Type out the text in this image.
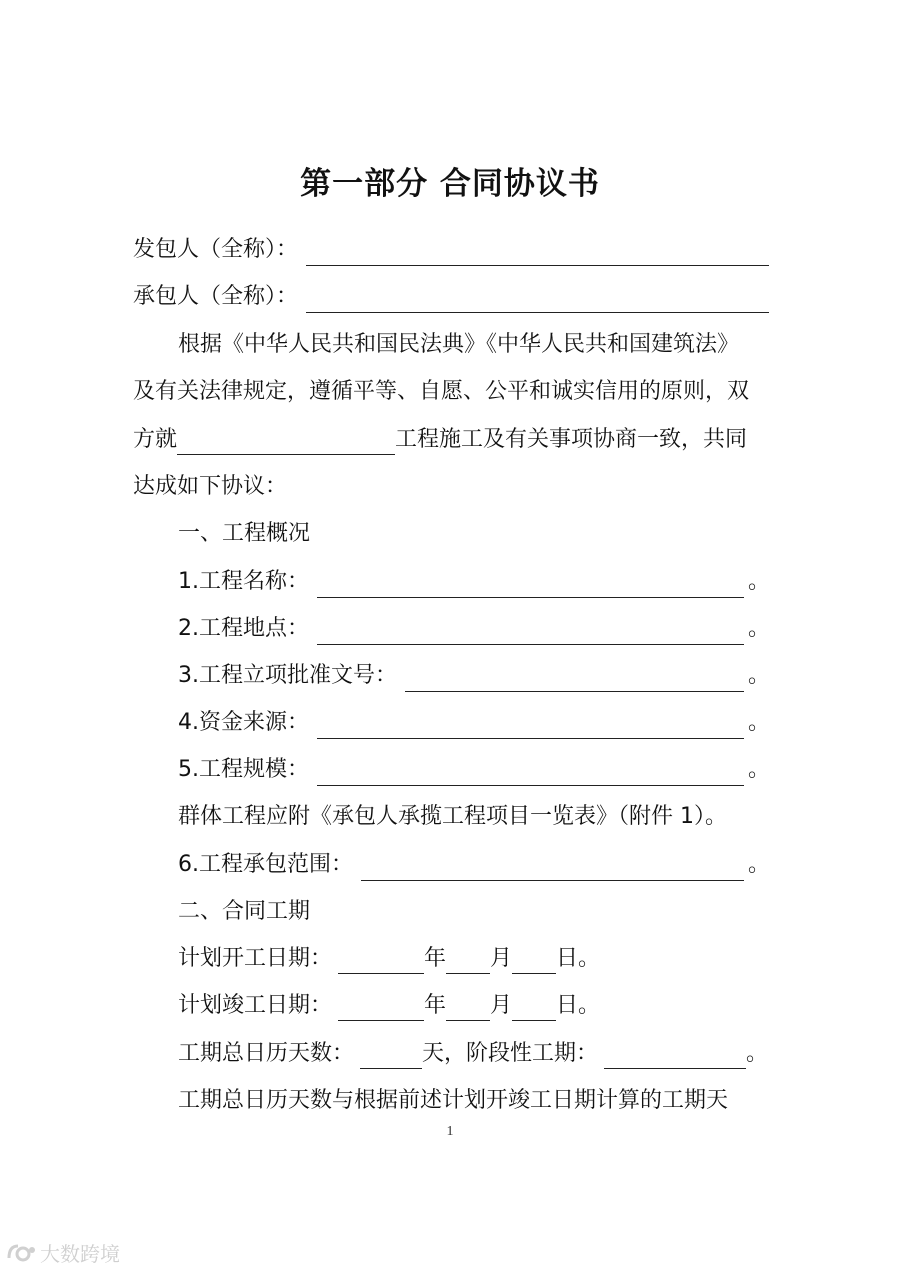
第一部分 合同协议书
发包人（全称）：
承包人（全称）：
根据《中华人民共和国民法典》《中华人民共和国建筑法》
及有关法律规定，遵循平等、自愿、公平和诚实信用的原则，双
方就	工程施工及有关事项协商一致，共同
达成如下协议：
一、工程概况
1.工程名称：	。
2.工程地点：	。
3.工程立项批准文号：	。
4.资金来源：	。
5.工程规模：	。
群体工程应附《承包人承揽工程项目一览表》（附件 1）。
6.工程承包范围：	。
二、合同工期
计划开工日期：	年 月 日。
计划竣工日期：	年 月 日。
工期总日历天数：	天，阶段性工期：	。
工期总日历天数与根据前述计划开竣工日期计算的工期天
1
大数跨境
